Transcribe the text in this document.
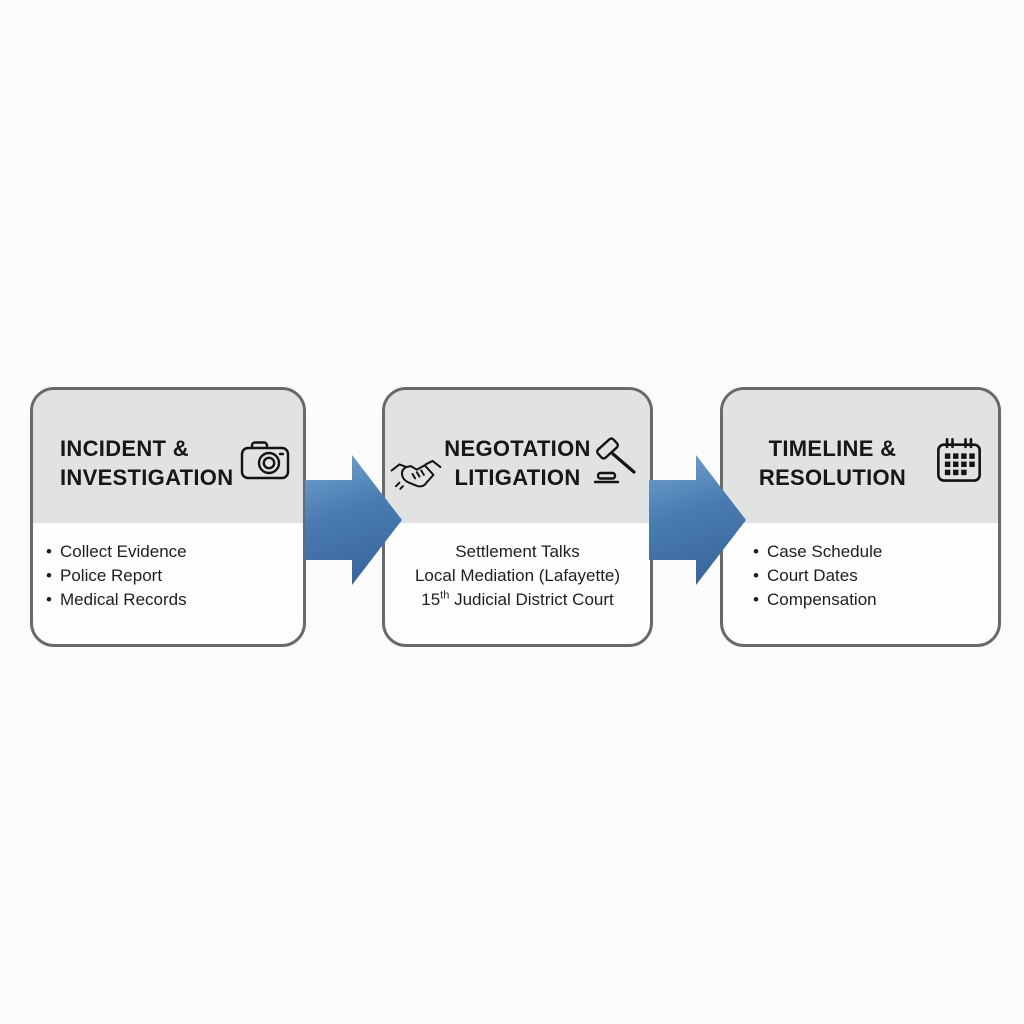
INCIDENT &
INVESTIGATION
• Collect Evidence
• Police Report
• Medical Records
NEGOTATION
LITIGATION
Settlement Talks
Local Mediation (Lafayette)
15th Judicial District Court
TIMELINE &
RESOLUTION
• Case Schedule
• Court Dates
• Compensation
